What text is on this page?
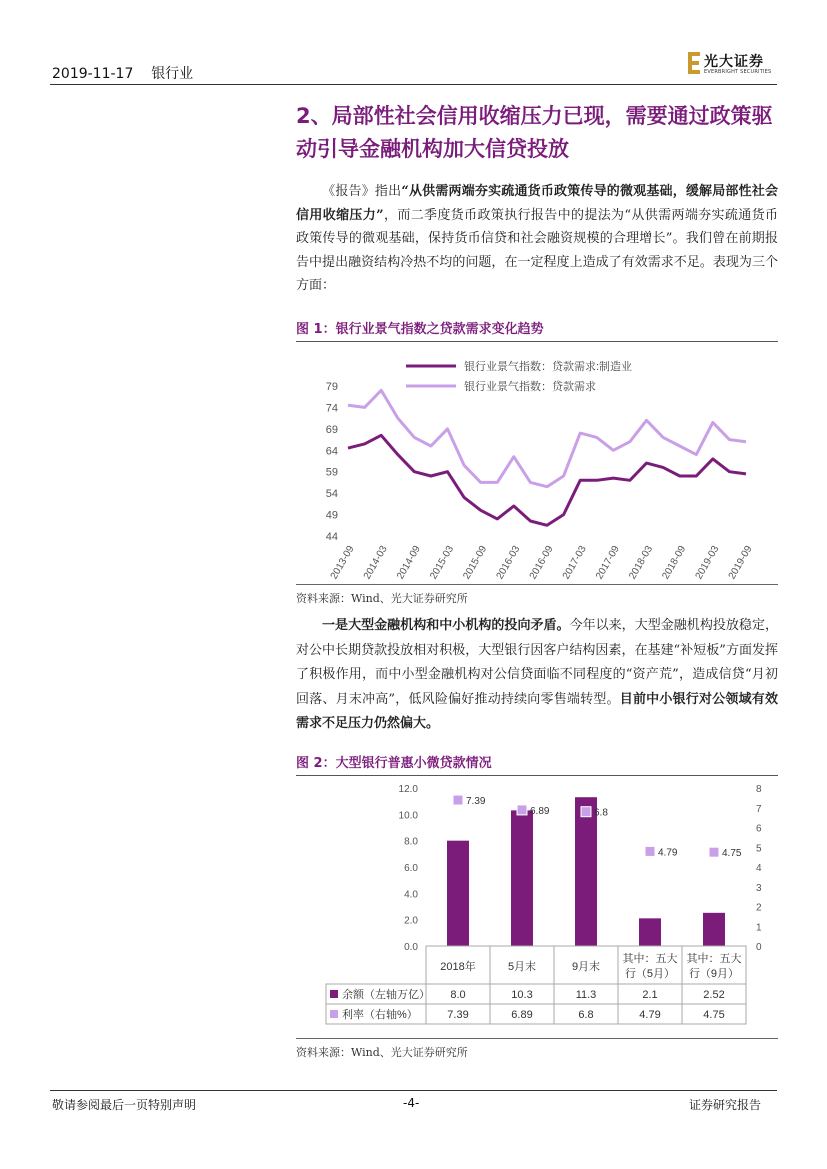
2019-11-17 银行业
光大证券
EVERBRIGHT SECURITIES
2、局部性社会信用收缩压力已现，需要通过政策驱动引导金融机构加大信贷投放
  《报告》指出“从供需两端夯实疏通货币政策传导的微观基础，缓解局部性社会信用收缩压力”，而二季度货币政策执行报告中的提法为“从供需两端夯实疏通货币政策传导的微观基础，保持货币信贷和社会融资规模的合理增长”。我们曾在前期报告中提出融资结构冷热不均的问题，在一定程度上造成了有效需求不足。表现为三个方面：
图 1：银行业景气指数之贷款需求变化趋势
银行业景气指数：贷款需求:制造业
银行业景气指数：贷款需求
79
74
69
64
59
54
49
44
2013-09 2014-03 2014-09 2015-03 2015-09 2016-03 2016-09 2017-03 2017-09 2018-03 2018-09 2019-03 2019-09
资料来源：Wind、光大证券研究所
  一是大型金融机构和中小机构的投向矛盾。今年以来，大型金融机构投放稳定，对公中长期贷款投放相对积极，大型银行因客户结构因素，在基建“补短板”方面发挥了积极作用，而中小型金融机构对公信贷面临不同程度的“资产荒”，造成信贷“月初回落、月末冲高”，低风险偏好推动持续向零售端转型。目前中小银行对公领域有效需求不足压力仍然偏大。
图 2：大型银行普惠小微贷款情况
12.0
10.0
8.0
6.0
4.0
2.0
0.0
8
7
6
5
4
3
2
1
0
7.39
6.89	6.8
4.79	4.75
2018年	5月末	9月末
其中：五大
行（5月）
其中：五大
行（9月）
余额（左轴万亿） 8.0	10.3	11.3	2.1	2.52
利率（右轴%）	7.39	6.89	6.8	4.79	4.75
资料来源：Wind、光大证券研究所
敬请参阅最后一页特别声明	-4-	证券研究报告
